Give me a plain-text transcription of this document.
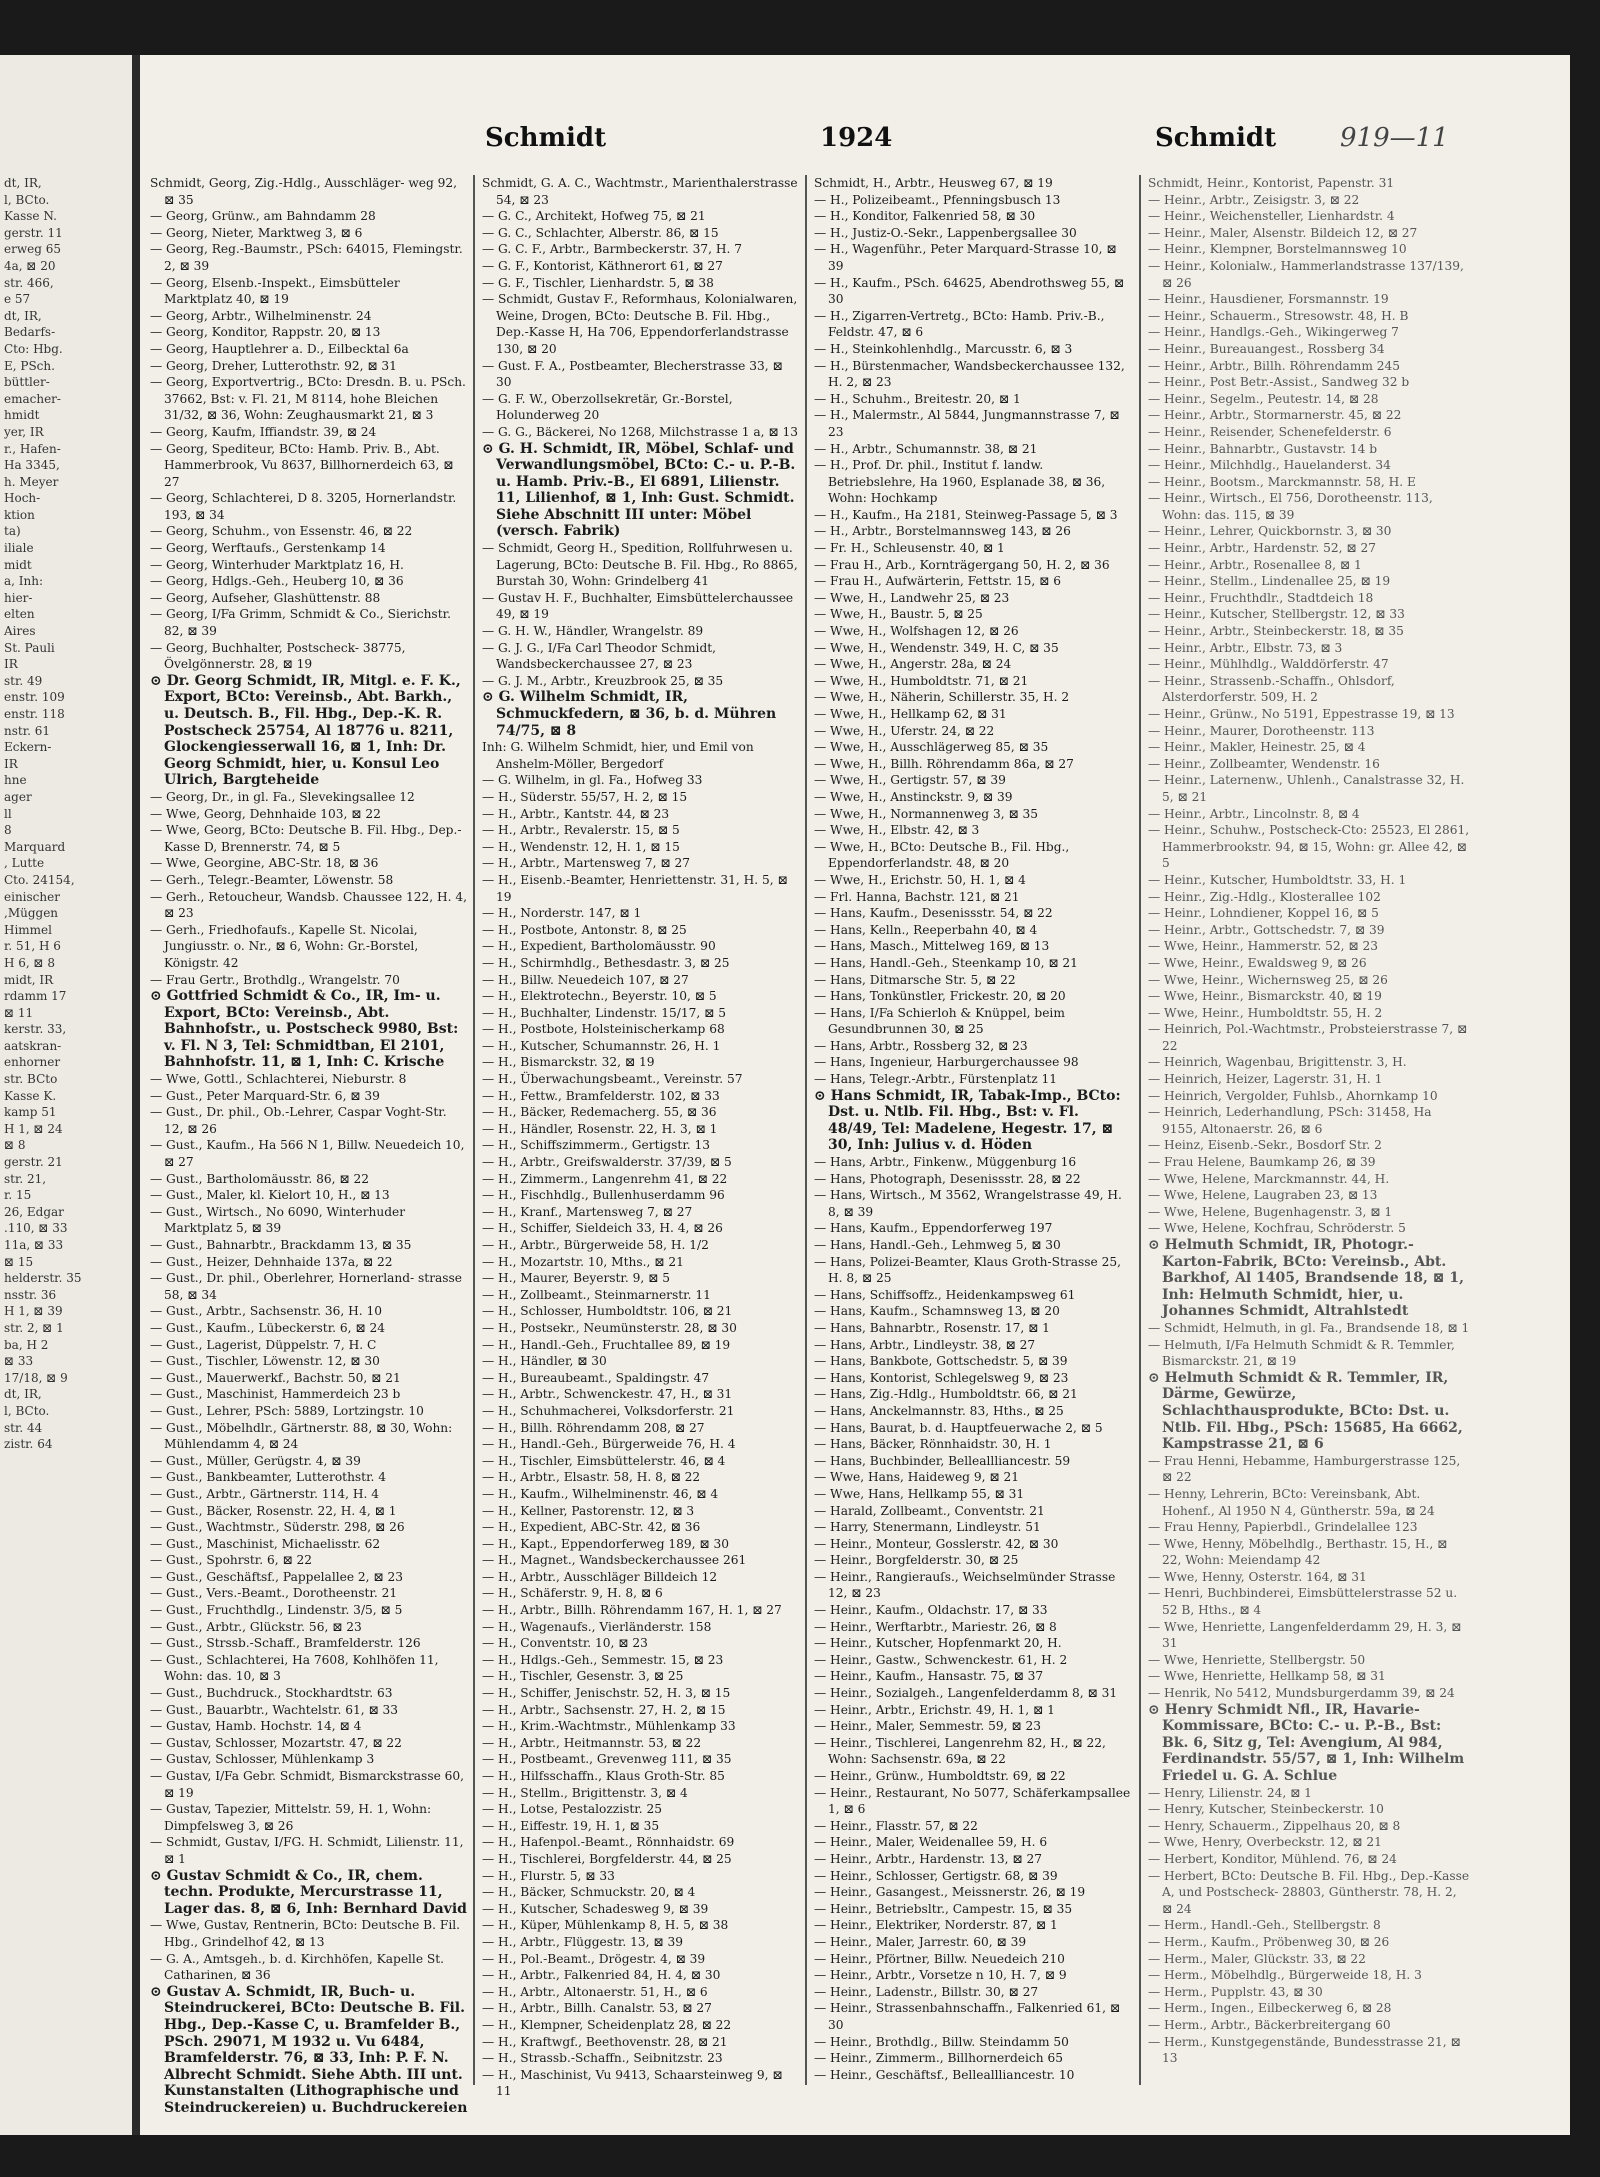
dt, IR,
l, BCto.
Kasse N.
gerstr. 11
erweg 65
4a, ⊠ 20
str. 466,
e 57
dt, IR,
Bedarfs-
Cto: Hbg.
E, PSch.
büttler-
emacher-
hmidt
yer, IR
r., Hafen-
Ha 3345,
h. Meyer
Hoch-
ktion
ta)
iliale
midt
a, Inh:
hier-
elten
Aires
St. Pauli
IR
str. 49
enstr. 109
enstr. 118
nstr. 61
Eckern-
IR
hne
ager
ll
8
Marquard
, Lutte
Cto. 24154,
einischer
,Müggen
Himmel
r. 51, H 6
H 6, ⊠ 8
midt, IR
rdamm 17
⊠ 11
kerstr. 33,
aatskran-
enhorner
str. BCto
Kasse K.
kamp 51
H 1, ⊠ 24
⊠ 8
gerstr. 21
str. 21,
r. 15
26, Edgar
.110, ⊠ 33
11a, ⊠ 33
⊠ 15
helderstr. 35
nsstr. 36
H 1, ⊠ 39
str. 2, ⊠ 1
ba, H 2
⊠ 33
17/18, ⊠ 9
dt, IR,
l, BCto.
str. 44
zistr. 64
Schmidt	1924	Schmidt 919—11
Schmidt, Georg, Zig.-Hdlg., Ausschläger- weg 92, ⊠ 35
— Georg, Grünw., am Bahndamm 28
— Georg, Nieter, Marktweg 3, ⊠ 6
— Georg, Reg.-Baumstr., PSch: 64015, Flemingstr. 2, ⊠ 39
— Georg, Elsenb.-Inspekt., Eimsbütteler Marktplatz 40, ⊠ 19
— Georg, Arbtr., Wilhelminenstr. 24
— Georg, Konditor, Rappstr. 20, ⊠ 13
— Georg, Hauptlehrer a. D., Eilbecktal 6a
— Georg, Dreher, Lutterothstr. 92, ⊠ 31
— Georg, Exportvertrig., BCto: Dresdn. B. u. PSch. 37662, Bst: v. Fl. 21, M 8114, hohe Bleichen 31/32, ⊠ 36, Wohn: Zeughausmarkt 21, ⊠ 3
— Georg, Kaufm, Iffiandstr. 39, ⊠ 24
— Georg, Spediteur, BCto: Hamb. Priv. B., Abt. Hammerbrook, Vu 8637, Billhornerdeich 63, ⊠ 27
— Georg, Schlachterei, D 8. 3205, Hornerlandstr. 193, ⊠ 34
— Georg, Schuhm., von Essenstr. 46, ⊠ 22
— Georg, Werftaufs., Gerstenkamp 14
— Georg, Winterhuder Marktplatz 16, H.
— Georg, Hdlgs.-Geh., Heuberg 10, ⊠ 36
— Georg, Aufseher, Glashüttenstr. 88
— Georg, I/Fa Grimm, Schmidt & Co., Sierichstr. 82, ⊠ 39
— Georg, Buchhalter, Postscheck- 38775, Övelgönnerstr. 28, ⊠ 19
⊙ Dr. Georg Schmidt, IR, Mitgl. e. F. K., Export, BCto: Vereinsb., Abt. Barkh., u. Deutsch. B., Fil. Hbg., Dep.-K. R. Postscheck 25754, Al 18776 u. 8211, Glockengiesserwall 16, ⊠ 1, Inh: Dr. Georg Schmidt, hier, u. Konsul Leo Ulrich, Bargteheide
— Georg, Dr., in gl. Fa., Slevekingsallee 12
— Wwe, Georg, Dehnhaide 103, ⊠ 22
— Wwe, Georg, BCto: Deutsche B. Fil. Hbg., Dep.-Kasse D, Brennerstr. 74, ⊠ 5
— Wwe, Georgine, ABC-Str. 18, ⊠ 36
— Gerh., Telegr.-Beamter, Löwenstr. 58
— Gerh., Retoucheur, Wandsb. Chaussee 122, H. 4, ⊠ 23
— Gerh., Friedhofaufs., Kapelle St. Nicolai, Jungiusstr. o. Nr., ⊠ 6, Wohn: Gr.-Borstel, Königstr. 42
— Frau Gertr., Brothdlg., Wrangelstr. 70
⊙ Gottfried Schmidt & Co., IR, Im- u. Export, BCto: Vereinsb., Abt. Bahnhofstr., u. Postscheck 9980, Bst: v. Fl. N 3, Tel: Schmidtban, El 2101, Bahnhofstr. 11, ⊠ 1, Inh: C. Krische
— Wwe, Gottl., Schlachterei, Nieburstr. 8
— Gust., Peter Marquard-Str. 6, ⊠ 39
— Gust., Dr. phil., Ob.-Lehrer, Caspar Voght-Str. 12, ⊠ 26
— Gust., Kaufm., Ha 566 N 1, Billw. Neuedeich 10, ⊠ 27
— Gust., Bartholomäusstr. 86, ⊠ 22
— Gust., Maler, kl. Kielort 10, H., ⊠ 13
— Gust., Wirtsch., No 6090, Winterhuder Marktplatz 5, ⊠ 39
— Gust., Bahnarbtr., Brackdamm 13, ⊠ 35
— Gust., Heizer, Dehnhaide 137a, ⊠ 22
— Gust., Dr. phil., Oberlehrer, Hornerland- strasse 58, ⊠ 34
— Gust., Arbtr., Sachsenstr. 36, H. 10
— Gust., Kaufm., Lübeckerstr. 6, ⊠ 24
— Gust., Lagerist, Düppelstr. 7, H. C
— Gust., Tischler, Löwenstr. 12, ⊠ 30
— Gust., Mauerwerkf., Bachstr. 50, ⊠ 21
— Gust., Maschinist, Hammerdeich 23 b
— Gust., Lehrer, PSch: 5889, Lortzingstr. 10
— Gust., Möbelhdlr., Gärtnerstr. 88, ⊠ 30, Wohn: Mühlendamm 4, ⊠ 24
— Gust., Müller, Gerügstr. 4, ⊠ 39
— Gust., Bankbeamter, Lutterothstr. 4
— Gust., Arbtr., Gärtnerstr. 114, H. 4
— Gust., Bäcker, Rosenstr. 22, H. 4, ⊠ 1
— Gust., Wachtmstr., Süderstr. 298, ⊠ 26
— Gust., Maschinist, Michaelisstr. 62
— Gust., Spohrstr. 6, ⊠ 22
— Gust., Geschäftsf., Pappelallee 2, ⊠ 23
— Gust., Vers.-Beamt., Dorotheenstr. 21
— Gust., Fruchthdlg., Lindenstr. 3/5, ⊠ 5
— Gust., Arbtr., Glückstr. 56, ⊠ 23
— Gust., Strssb.-Schaff., Bramfelderstr. 126
— Gust., Schlachterei, Ha 7608, Kohlhöfen 11, Wohn: das. 10, ⊠ 3
— Gust., Buchdruck., Stockhardtstr. 63
— Gust., Bauarbtr., Wachtelstr. 61, ⊠ 33
— Gustav, Hamb. Hochstr. 14, ⊠ 4
— Gustav, Schlosser, Mozartstr. 47, ⊠ 22
— Gustav, Schlosser, Mühlenkamp 3
— Gustav, I/Fa Gebr. Schmidt, Bismarckstrasse 60, ⊠ 19
— Gustav, Tapezier, Mittelstr. 59, H. 1, Wohn: Dimpfelsweg 3, ⊠ 26
— Schmidt, Gustav, I/FG. H. Schmidt, Lilienstr. 11, ⊠ 1
⊙ Gustav Schmidt & Co., IR, chem. techn. Produkte, Mercurstrasse 11, Lager das. 8, ⊠ 6, Inh: Bernhard David
— Wwe, Gustav, Rentnerin, BCto: Deutsche B. Fil. Hbg., Grindelhof 42, ⊠ 13
— G. A., Amtsgeh., b. d. Kirchhöfen, Kapelle St. Catharinen, ⊠ 36
⊙ Gustav A. Schmidt, IR, Buch- u. Steindruckerei, BCto: Deutsche B. Fil. Hbg., Dep.-Kasse C, u. Bramfelder B., PSch. 29071, M 1932 u. Vu 6484, Bramfelderstr. 76, ⊠ 33, Inh: P. F. N. Albrecht Schmidt. Siehe Abth. III unt. Kunstanstalten (Lithographische und Steindruckereien) u. Buchdruckereien
Schmidt, G. A. C., Wachtmstr., Marienthalerstrasse 54, ⊠ 23
— G. C., Architekt, Hofweg 75, ⊠ 21
— G. C., Schlachter, Alberstr. 86, ⊠ 15
— G. C. F., Arbtr., Barmbeckerstr. 37, H. 7
— G. F., Kontorist, Käthnerort 61, ⊠ 27
— G. F., Tischler, Lienhardstr. 5, ⊠ 38
— Schmidt, Gustav F., Reformhaus, Kolonialwaren, Weine, Drogen, BCto: Deutsche B. Fil. Hbg., Dep.-Kasse H, Ha 706, Eppendorferlandstrasse 130, ⊠ 20
— Gust. F. A., Postbeamter, Blecherstrasse 33, ⊠ 30
— G. F. W., Oberzollsekretär, Gr.-Borstel, Holunderweg 20
— G. G., Bäckerei, No 1268, Milchstrasse 1 a, ⊠ 13
⊙ G. H. Schmidt, IR, Möbel, Schlaf- und Verwandlungsmöbel, BCto: C.- u. P.-B. u. Hamb. Priv.-B., El 6891, Lilienstr. 11, Lilienhof, ⊠ 1, Inh: Gust. Schmidt. Siehe Abschnitt III unter: Möbel (versch. Fabrik)
— Schmidt, Georg H., Spedition, Rollfuhrwesen u. Lagerung, BCto: Deutsche B. Fil. Hbg., Ro 8865, Burstah 30, Wohn: Grindelberg 41
— Gustav H. F., Buchhalter, Eimsbüttelerchaussee 49, ⊠ 19
— G. H. W., Händler, Wrangelstr. 89
— G. J. G., I/Fa Carl Theodor Schmidt, Wandsbeckerchaussee 27, ⊠ 23
— G. J. M., Arbtr., Kreuzbrook 25, ⊠ 35
⊙ G. Wilhelm Schmidt, IR, Schmuckfedern, ⊠ 36, b. d. Mühren 74/75, ⊠ 8
Inh: G. Wilhelm Schmidt, hier, und Emil von Anshelm-Möller, Bergedorf
— G. Wilhelm, in gl. Fa., Hofweg 33
— H., Süderstr. 55/57, H. 2, ⊠ 15
— H., Arbtr., Kantstr. 44, ⊠ 23
— H., Arbtr., Revalerstr. 15, ⊠ 5
— H., Wendenstr. 12, H. 1, ⊠ 15
— H., Arbtr., Martensweg 7, ⊠ 27
— H., Eisenb.-Beamter, Henriettenstr. 31, H. 5, ⊠ 19
— H., Norderstr. 147, ⊠ 1
— H., Postbote, Antonstr. 8, ⊠ 25
— H., Expedient, Bartholomäusstr. 90
— H., Schirmhdlg., Bethesdastr. 3, ⊠ 25
— H., Billw. Neuedeich 107, ⊠ 27
— H., Elektrotechn., Beyerstr. 10, ⊠ 5
— H., Buchhalter, Lindenstr. 15/17, ⊠ 5
— H., Postbote, Holsteinischerkamp 68
— H., Kutscher, Schumannstr. 26, H. 1
— H., Bismarckstr. 32, ⊠ 19
— H., Überwachungsbeamt., Vereinstr. 57
— H., Fettw., Bramfelderstr. 102, ⊠ 33
— H., Bäcker, Redemacherg. 55, ⊠ 36
— H., Händler, Rosenstr. 22, H. 3, ⊠ 1
— H., Schiffszimmerm., Gertigstr. 13
— H., Arbtr., Greifswalderstr. 37/39, ⊠ 5
— H., Zimmerm., Langenrehm 41, ⊠ 22
— H., Fischhdlg., Bullenhuserdamm 96
— H., Kranf., Martensweg 7, ⊠ 27
— H., Schiffer, Sieldeich 33, H. 4, ⊠ 26
— H., Arbtr., Bürgerweide 58, H. 1/2
— H., Mozartstr. 10, Mths., ⊠ 21
— H., Maurer, Beyerstr. 9, ⊠ 5
— H., Zollbeamt., Steinmarnerstr. 11
— H., Schlosser, Humboldtstr. 106, ⊠ 21
— H., Postsekr., Neumünsterstr. 28, ⊠ 30
— H., Handl.-Geh., Fruchtallee 89, ⊠ 19
— H., Händler, ⊠ 30
— H., Bureaubeamt., Spaldingstr. 47
— H., Arbtr., Schwenckestr. 47, H., ⊠ 31
— H., Schuhmacherei, Volksdorferstr. 21
— H., Billh. Röhrendamm 208, ⊠ 27
— H., Handl.-Geh., Bürgerweide 76, H. 4
— H., Tischler, Eimsbüttelerstr. 46, ⊠ 4
— H., Arbtr., Elsastr. 58, H. 8, ⊠ 22
— H., Kaufm., Wilhelminenstr. 46, ⊠ 4
— H., Kellner, Pastorenstr. 12, ⊠ 3
— H., Expedient, ABC-Str. 42, ⊠ 36
— H., Kapt., Eppendorferweg 189, ⊠ 30
— H., Magnet., Wandsbeckerchaussee 261
— H., Arbtr., Ausschläger Billdeich 12
— H., Schäferstr. 9, H. 8, ⊠ 6
— H., Arbtr., Billh. Röhrendamm 167, H. 1, ⊠ 27
— H., Wagenaufs., Vierländerstr. 158
— H., Conventstr. 10, ⊠ 23
— H., Hdlgs.-Geh., Semmestr. 15, ⊠ 23
— H., Tischler, Gesenstr. 3, ⊠ 25
— H., Schiffer, Jenischstr. 52, H. 3, ⊠ 15
— H., Arbtr., Sachsenstr. 27, H. 2, ⊠ 15
— H., Krim.-Wachtmstr., Mühlenkamp 33
— H., Arbtr., Heitmannstr. 53, ⊠ 22
— H., Postbeamt., Grevenweg 111, ⊠ 35
— H., Hilfsschaffn., Klaus Groth-Str. 85
— H., Stellm., Brigittenstr. 3, ⊠ 4
— H., Lotse, Pestalozzistr. 25
— H., Eiffestr. 19, H. 1, ⊠ 35
— H., Hafenpol.-Beamt., Rönnhaidstr. 69
— H., Tischlerei, Borgfelderstr. 44, ⊠ 25
— H., Flurstr. 5, ⊠ 33
— H., Bäcker, Schmuckstr. 20, ⊠ 4
— H., Kutscher, Schadesweg 9, ⊠ 39
— H., Küper, Mühlenkamp 8, H. 5, ⊠ 38
— H., Arbtr., Flüggestr. 13, ⊠ 39
— H., Pol.-Beamt., Drögestr. 4, ⊠ 39
— H., Arbtr., Falkenried 84, H. 4, ⊠ 30
— H., Arbtr., Altonaerstr. 51, H., ⊠ 6
— H., Arbtr., Billh. Canalstr. 53, ⊠ 27
— H., Klempner, Scheidenplatz 28, ⊠ 22
— H., Kraftwgf., Beethovenstr. 28, ⊠ 21
— H., Strassb.-Schaffn., Seibnitzstr. 23
— H., Maschinist, Vu 9413, Schaarsteinweg 9, ⊠ 11
Schmidt, H., Arbtr., Heusweg 67, ⊠ 19
— H., Polizeibeamt., Pfenningsbusch 13
— H., Konditor, Falkenried 58, ⊠ 30
— H., Justiz-O.-Sekr., Lappenbergsallee 30
— H., Wagenführ., Peter Marquard-Strasse 10, ⊠ 39
— H., Kaufm., PSch. 64625, Abendrothsweg 55, ⊠ 30
— H., Zigarren-Vertretg., BCto: Hamb. Priv.-B., Feldstr. 47, ⊠ 6
— H., Steinkohlenhdlg., Marcusstr. 6, ⊠ 3
— H., Bürstenmacher, Wandsbeckerchaussee 132, H. 2, ⊠ 23
— H., Schuhm., Breitestr. 20, ⊠ 1
— H., Malermstr., Al 5844, Jungmannstrasse 7, ⊠ 23
— H., Arbtr., Schumannstr. 38, ⊠ 21
— H., Prof. Dr. phil., Institut f. landw. Betriebslehre, Ha 1960, Esplanade 38, ⊠ 36, Wohn: Hochkamp
— H., Kaufm., Ha 2181, Steinweg-Passage 5, ⊠ 3
— H., Arbtr., Borstelmannsweg 143, ⊠ 26
— Fr. H., Schleusenstr. 40, ⊠ 1
— Frau H., Arb., Kornträgergang 50, H. 2, ⊠ 36
— Frau H., Aufwärterin, Fettstr. 15, ⊠ 6
— Wwe, H., Landwehr 25, ⊠ 23
— Wwe, H., Baustr. 5, ⊠ 25
— Wwe, H., Wolfshagen 12, ⊠ 26
— Wwe, H., Wendenstr. 349, H. C, ⊠ 35
— Wwe, H., Angerstr. 28a, ⊠ 24
— Wwe, H., Humboldtstr. 71, ⊠ 21
— Wwe, H., Näherin, Schillerstr. 35, H. 2
— Wwe, H., Hellkamp 62, ⊠ 31
— Wwe, H., Uferstr. 24, ⊠ 22
— Wwe, H., Ausschlägerweg 85, ⊠ 35
— Wwe, H., Billh. Röhrendamm 86a, ⊠ 27
— Wwe, H., Gertigstr. 57, ⊠ 39
— Wwe, H., Anstinckstr. 9, ⊠ 39
— Wwe, H., Normannenweg 3, ⊠ 35
— Wwe, H., Elbstr. 42, ⊠ 3
— Wwe, H., BCto: Deutsche B., Fil. Hbg., Eppendorferlandstr. 48, ⊠ 20
— Wwe, H., Erichstr. 50, H. 1, ⊠ 4
— Frl. Hanna, Bachstr. 121, ⊠ 21
— Hans, Kaufm., Desenissstr. 54, ⊠ 22
— Hans, Kelln., Reeperbahn 40, ⊠ 4
— Hans, Masch., Mittelweg 169, ⊠ 13
— Hans, Handl.-Geh., Steenkamp 10, ⊠ 21
— Hans, Ditmarsche Str. 5, ⊠ 22
— Hans, Tonkünstler, Frickestr. 20, ⊠ 20
— Hans, I/Fa Schierloh & Knüppel, beim Gesundbrunnen 30, ⊠ 25
— Hans, Arbtr., Rossberg 32, ⊠ 23
— Hans, Ingenieur, Harburgerchaussee 98
— Hans, Telegr.-Arbtr., Fürstenplatz 11
⊙ Hans Schmidt, IR, Tabak-Imp., BCto: Dst. u. Ntlb. Fil. Hbg., Bst: v. Fl. 48/49, Tel: Madelene, Hegestr. 17, ⊠ 30, Inh: Julius v. d. Höden
— Hans, Arbtr., Finkenw., Müggenburg 16
— Hans, Photograph, Desenissstr. 28, ⊠ 22
— Hans, Wirtsch., M 3562, Wrangelstrasse 49, H. 8, ⊠ 39
— Hans, Kaufm., Eppendorferweg 197
— Hans, Handl.-Geh., Lehmweg 5, ⊠ 30
— Hans, Polizei-Beamter, Klaus Groth-Strasse 25, H. 8, ⊠ 25
— Hans, Schiffsoffz., Heidenkampsweg 61
— Hans, Kaufm., Schamnsweg 13, ⊠ 20
— Hans, Bahnarbtr., Rosenstr. 17, ⊠ 1
— Hans, Arbtr., Lindleystr. 38, ⊠ 27
— Hans, Bankbote, Gottschedstr. 5, ⊠ 39
— Hans, Kontorist, Schlegelsweg 9, ⊠ 23
— Hans, Zig.-Hdlg., Humboldtstr. 66, ⊠ 21
— Hans, Anckelmannstr. 83, Hths., ⊠ 25
— Hans, Baurat, b. d. Hauptfeuerwache 2, ⊠ 5
— Hans, Bäcker, Rönnhaidstr. 30, H. 1
— Hans, Buchbinder, Belleallliancestr. 59
— Wwe, Hans, Haideweg 9, ⊠ 21
— Wwe, Hans, Hellkamp 55, ⊠ 31
— Harald, Zollbeamt., Conventstr. 21
— Harry, Stenermann, Lindleystr. 51
— Heinr., Monteur, Gosslerstr. 42, ⊠ 30
— Heinr., Borgfelderstr. 30, ⊠ 25
— Heinr., Rangierauſs., Weichselmünder Strasse 12, ⊠ 23
— Heinr., Kaufm., Oldachstr. 17, ⊠ 33
— Heinr., Werftarbtr., Mariestr. 26, ⊠ 8
— Heinr., Kutscher, Hopfenmarkt 20, H.
— Heinr., Gastw., Schwenckestr. 61, H. 2
— Heinr., Kaufm., Hansastr. 75, ⊠ 37
— Heinr., Sozialgeh., Langenfelderdamm 8, ⊠ 31
— Heinr., Arbtr., Erichstr. 49, H. 1, ⊠ 1
— Heinr., Maler, Semmestr. 59, ⊠ 23
— Heinr., Tischlerei, Langenrehm 82, H., ⊠ 22, Wohn: Sachsenstr. 69a, ⊠ 22
— Heinr., Grünw., Humboldtstr. 69, ⊠ 22
— Heinr., Restaurant, No 5077, Schäferkampsallee 1, ⊠ 6
— Heinr., Flasstr. 57, ⊠ 22
— Heinr., Maler, Weidenallee 59, H. 6
— Heinr., Arbtr., Hardenstr. 13, ⊠ 27
— Heinr., Schlosser, Gertigstr. 68, ⊠ 39
— Heinr., Gasangest., Meissnerstr. 26, ⊠ 19
— Heinr., Betriebsltr., Campestr. 15, ⊠ 35
— Heinr., Elektriker, Norderstr. 87, ⊠ 1
— Heinr., Maler, Jarrestr. 60, ⊠ 39
— Heinr., Pförtner, Billw. Neuedeich 210
— Heinr., Arbtr., Vorsetze n 10, H. 7, ⊠ 9
— Heinr., Ladenstr., Billstr. 30, ⊠ 27
— Heinr., Strassenbahnschaffn., Falkenried 61, ⊠ 30
— Heinr., Brothdlg., Billw. Steindamm 50
— Heinr., Zimmerm., Billhornerdeich 65
— Heinr., Geschäftsf., Belleallliancestr. 10
Schmidt, Heinr., Kontorist, Papenstr. 31
— Heinr., Arbtr., Zeisigstr. 3, ⊠ 22
— Heinr., Weichensteller, Lienhardstr. 4
— Heinr., Maler, Alsenstr. Bildeich 12, ⊠ 27
— Heinr., Klempner, Borstelmannsweg 10
— Heinr., Kolonialw., Hammerlandstrasse 137/139, ⊠ 26
— Heinr., Hausdiener, Forsmannstr. 19
— Heinr., Schauerm., Stresowstr. 48, H. B
— Heinr., Handlgs.-Geh., Wikingerweg 7
— Heinr., Bureauangest., Rossberg 34
— Heinr., Arbtr., Billh. Röhrendamm 245
— Heinr., Post Betr.-Assist., Sandweg 32 b
— Heinr., Segelm., Peutestr. 14, ⊠ 28
— Heinr., Arbtr., Stormarnerstr. 45, ⊠ 22
— Heinr., Reisender, Schenefelderstr. 6
— Heinr., Bahnarbtr., Gustavstr. 14 b
— Heinr., Milchhdlg., Hauelanderst. 34
— Heinr., Bootsm., Marckmannstr. 58, H. E
— Heinr., Wirtsch., El 756, Dorotheenstr. 113, Wohn: das. 115, ⊠ 39
— Heinr., Lehrer, Quickbornstr. 3, ⊠ 30
— Heinr., Arbtr., Hardenstr. 52, ⊠ 27
— Heinr., Arbtr., Rosenallee 8, ⊠ 1
— Heinr., Stellm., Lindenallee 25, ⊠ 19
— Heinr., Fruchthdlr., Stadtdeich 18
— Heinr., Kutscher, Stellbergstr. 12, ⊠ 33
— Heinr., Arbtr., Steinbeckerstr. 18, ⊠ 35
— Heinr., Arbtr., Elbstr. 73, ⊠ 3
— Heinr., Mühlhdlg., Walddörferstr. 47
— Heinr., Strassenb.-Schaffn., Ohlsdorf, Alsterdorferstr. 509, H. 2
— Heinr., Grünw., No 5191, Eppestrasse 19, ⊠ 13
— Heinr., Maurer, Dorotheenstr. 113
— Heinr., Makler, Heinestr. 25, ⊠ 4
— Heinr., Zollbeamter, Wendenstr. 16
— Heinr., Laternenw., Uhlenh., Canalstrasse 32, H. 5, ⊠ 21
— Heinr., Arbtr., Lincolnstr. 8, ⊠ 4
— Heinr., Schuhw., Postscheck-Cto: 25523, El 2861, Hammerbrookstr. 94, ⊠ 15, Wohn: gr. Allee 42, ⊠ 5
— Heinr., Kutscher, Humboldtstr. 33, H. 1
— Heinr., Zig.-Hdlg., Klosterallee 102
— Heinr., Lohndiener, Koppel 16, ⊠ 5
— Heinr., Arbtr., Gottschedstr. 7, ⊠ 39
— Wwe, Heinr., Hammerstr. 52, ⊠ 23
— Wwe, Heinr., Ewaldsweg 9, ⊠ 26
— Wwe, Heinr., Wichernsweg 25, ⊠ 26
— Wwe, Heinr., Bismarckstr. 40, ⊠ 19
— Wwe, Heinr., Humboldtstr. 55, H. 2
— Heinrich, Pol.-Wachtmstr., Probsteierstrasse 7, ⊠ 22
— Heinrich, Wagenbau, Brigittenstr. 3, H.
— Heinrich, Heizer, Lagerstr. 31, H. 1
— Heinrich, Vergolder, Fuhlsb., Ahornkamp 10
— Heinrich, Lederhandlung, PSch: 31458, Ha 9155, Altonaerstr. 26, ⊠ 6
— Heinz, Eisenb.-Sekr., Bosdorf Str. 2
— Frau Helene, Baumkamp 26, ⊠ 39
— Wwe, Helene, Marckmannstr. 44, H.
— Wwe, Helene, Laugraben 23, ⊠ 13
— Wwe, Helene, Bugenhagenstr. 3, ⊠ 1
— Wwe, Helene, Kochfrau, Schröderstr. 5
⊙ Helmuth Schmidt, IR, Photogr.-Karton-Fabrik, BCto: Vereinsb., Abt. Barkhof, Al 1405, Brandsende 18, ⊠ 1, Inh: Helmuth Schmidt, hier, u. Johannes Schmidt, Altrahlstedt
— Schmidt, Helmuth, in gl. Fa., Brandsende 18, ⊠ 1
— Helmuth, I/Fa Helmuth Schmidt & R. Temmler, Bismarckstr. 21, ⊠ 19
⊙ Helmuth Schmidt & R. Temmler, IR, Därme, Gewürze, Schlachthausprodukte, BCto: Dst. u. Ntlb. Fil. Hbg., PSch: 15685, Ha 6662, Kampstrasse 21, ⊠ 6
— Frau Henni, Hebamme, Hamburgerstrasse 125, ⊠ 22
— Henny, Lehrerin, BCto: Vereinsbank, Abt. Hohenf., Al 1950 N 4, Güntherstr. 59a, ⊠ 24
— Frau Henny, Papierbdl., Grindelallee 123
— Wwe, Henny, Möbelhdlg., Berthastr. 15, H., ⊠ 22, Wohn: Meiendamp 42
— Wwe, Henny, Osterstr. 164, ⊠ 31
— Henri, Buchbinderei, Eimsbüttelerstrasse 52 u. 52 B, Hths., ⊠ 4
— Wwe, Henriette, Langenfelderdamm 29, H. 3, ⊠ 31
— Wwe, Henriette, Stellbergstr. 50
— Wwe, Henriette, Hellkamp 58, ⊠ 31
— Henrik, No 5412, Mundsburgerdamm 39, ⊠ 24
⊙ Henry Schmidt Nfl., IR, Havarie-Kommissare, BCto: C.- u. P.-B., Bst: Bk. 6, Sitz g, Tel: Avengium, Al 984, Ferdinandstr. 55/57, ⊠ 1, Inh: Wilhelm Friedel u. G. A. Schlue
— Henry, Lilienstr. 24, ⊠ 1
— Henry, Kutscher, Steinbeckerstr. 10
— Henry, Schauerm., Zippelhaus 20, ⊠ 8
— Wwe, Henry, Overbeckstr. 12, ⊠ 21
— Herbert, Konditor, Mühlend. 76, ⊠ 24
— Herbert, BCto: Deutsche B. Fil. Hbg., Dep.-Kasse A, und Postscheck- 28803, Güntherstr. 78, H. 2, ⊠ 24
— Herm., Handl.-Geh., Stellbergstr. 8
— Herm., Kaufm., Pröbenweg 30, ⊠ 26
— Herm., Maler, Glückstr. 33, ⊠ 22
— Herm., Möbelhdlg., Bürgerweide 18, H. 3
— Herm., Pupplstr. 43, ⊠ 30
— Herm., Ingen., Eilbeckerweg 6, ⊠ 28
— Herm., Arbtr., Bäckerbreitergang 60
— Herm., Kunstgegenstände, Bundesstrasse 21, ⊠ 13
